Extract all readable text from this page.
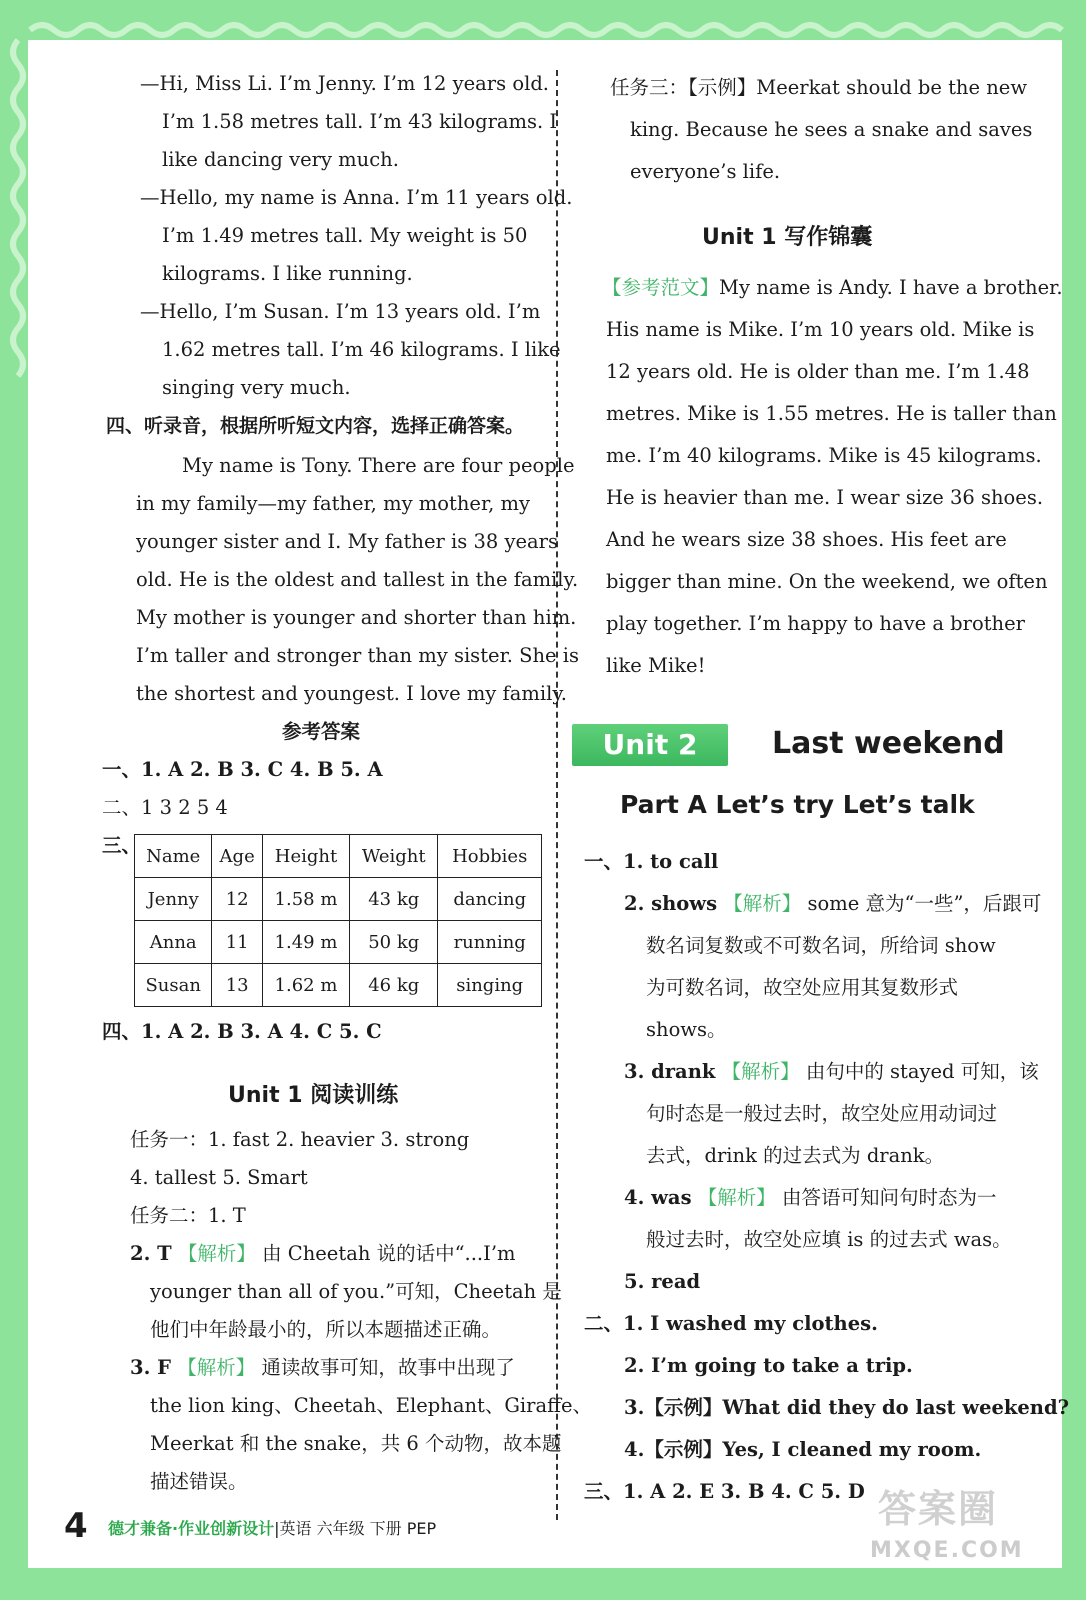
—Hi, Miss Li. I’m Jenny. I’m 12 years old.
I’m 1.58 metres tall. I’m 43 kilograms. I
like dancing very much.
—Hello, my name is Anna. I’m 11 years old.
I’m 1.49 metres tall. My weight is 50
kilograms. I like running.
—Hello, I’m Susan. I’m 13 years old. I’m
1.62 metres tall. I’m 46 kilograms. I like
singing very much.
四、听录音，根据所听短文内容，选择正确答案。
My name is Tony. There are four people
in my family—my father, my mother, my
younger sister and I. My father is 38 years
old. He is the oldest and tallest in the family.
My mother is younger and shorter than him.
I’m taller and stronger than my sister. She is
the shortest and youngest. I love my family.
参考答案
一、1. A 2. B 3. C 4. B 5. A
二、1 3 2 5 4
三、 Name	Age	Height	Weight	Hobbies
Jenny	12	1.58 m	43 kg	dancing
Anna	11	1.49 m	50 kg	running
Susan	13	1.62 m	46 kg	singing
四、1. A 2. B 3. A 4. C 5. C
Unit 1 阅读训练
任务一：1. fast 2. heavier 3. strong
4. tallest 5. Smart
任务二：1. T
2. T 【解析】 由 Cheetah 说的话中“...I’m
younger than all of you.”可知，Cheetah 是
他们中年龄最小的，所以本题描述正确。
3. F 【解析】 通读故事可知，故事中出现了
the lion king、Cheetah、Elephant、Giraffe、
Meerkat 和 the snake，共 6 个动物，故本题
描述错误。
任务三：【示例】Meerkat should be the new
king. Because he sees a snake and saves
everyone’s life.
Unit 1 写作锦囊
【参考范文】My name is Andy. I have a brother.
His name is Mike. I’m 10 years old. Mike is
12 years old. He is older than me. I’m 1.48
metres. Mike is 1.55 metres. He is taller than
me. I’m 40 kilograms. Mike is 45 kilograms.
He is heavier than me. I wear size 36 shoes.
And he wears size 38 shoes. His feet are
bigger than mine. On the weekend, we often
play together. I’m happy to have a brother
like Mike!
一、1. to call
2. shows 【解析】 some 意为“一些”，后跟可
数名词复数或不可数名词，所给词 show
为可数名词，故空处应用其复数形式
shows。
3. drank 【解析】 由句中的 stayed 可知，该
句时态是一般过去时，故空处应用动词过
去式，drink 的过去式为 drank。
4. was 【解析】 由答语可知问句时态为一
般过去时，故空处应填 is 的过去式 was。
5. read
二、1. I washed my clothes.
2. I’m going to take a trip.
3.【示例】What did they do last weekend?
4.【示例】Yes, I cleaned my room.
三、1. A 2. E 3. B 4. C 5. D
Unit 2	Last weekend
Part A Let’s try Let’s talk
4 德才兼备·作业创新设计|英语 六年级 下册 PEP	答案圈
MXQE.COM
